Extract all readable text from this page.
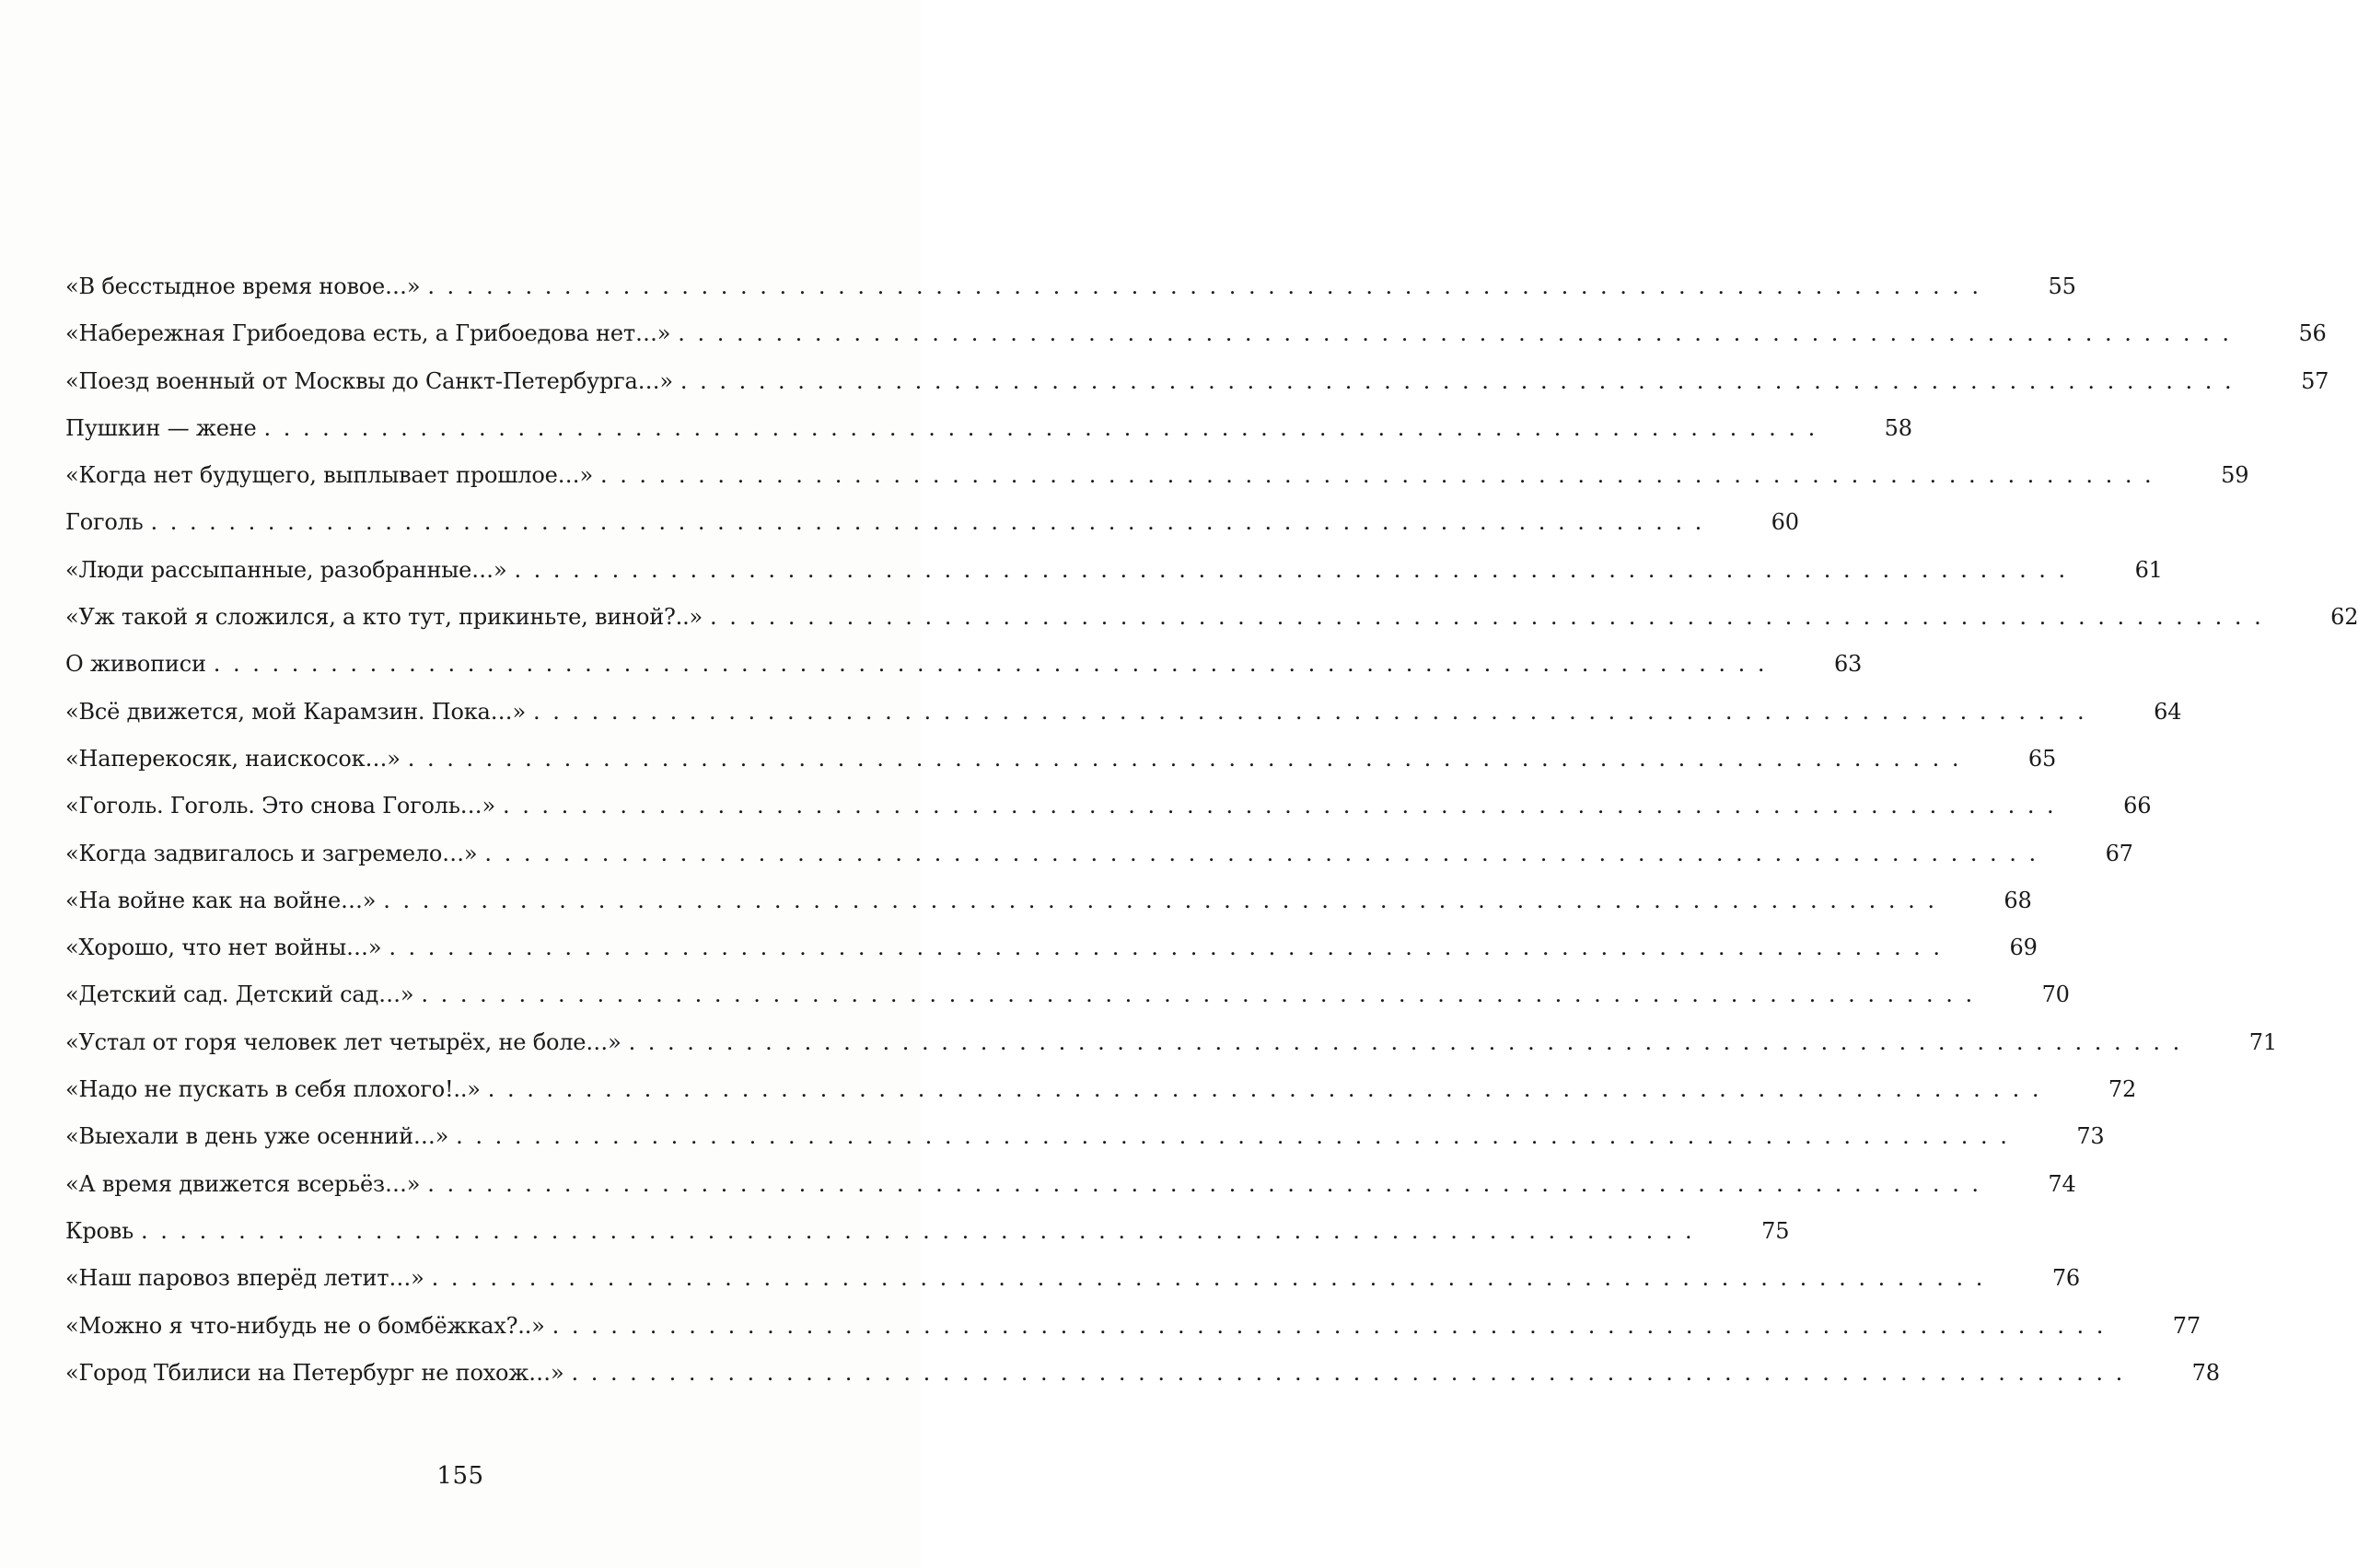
«В бесстыдное время новое…» ................................................................................	55
«Набережная Грибоедова есть, а Грибоедова нет…» ................................................................................	56
«Поезд военный от Москвы до Санкт-Петербурга…» ................................................................................	57
Пушкин — жене ................................................................................	58
«Когда нет будущего, выплывает прошлое…» ................................................................................	59
Гоголь ................................................................................	60
«Люди рассыпанные, разобранные…» ................................................................................	61
«Уж такой я сложился, а кто тут, прикиньте, виной?..» ................................................................................	62
О живописи ................................................................................	63
«Всё движется, мой Карамзин. Пока…» ................................................................................	64
«Наперекосяк, наискосок…» ................................................................................	65
«Гоголь. Гоголь. Это снова Гоголь…» ................................................................................	66
«Когда задвигалось и загремело…» ................................................................................	67
«На войне как на войне…» ................................................................................	68
«Хорошо, что нет войны…» ................................................................................	69
«Детский сад. Детский сад…» ................................................................................	70
«Устал от горя человек лет четырёх, не боле…» ................................................................................	71
«Надо не пускать в себя плохого!..» ................................................................................	72
«Выехали в день уже осенний…» ................................................................................	73
«А время движется всерьёз…» ................................................................................	74
Кровь ................................................................................	75
«Наш паровоз вперёд летит…» ................................................................................	76
«Можно я что-нибудь не о бомбёжках?..» ................................................................................	77
«Город Тбилиси на Петербург не похож…» ................................................................................	78
155
